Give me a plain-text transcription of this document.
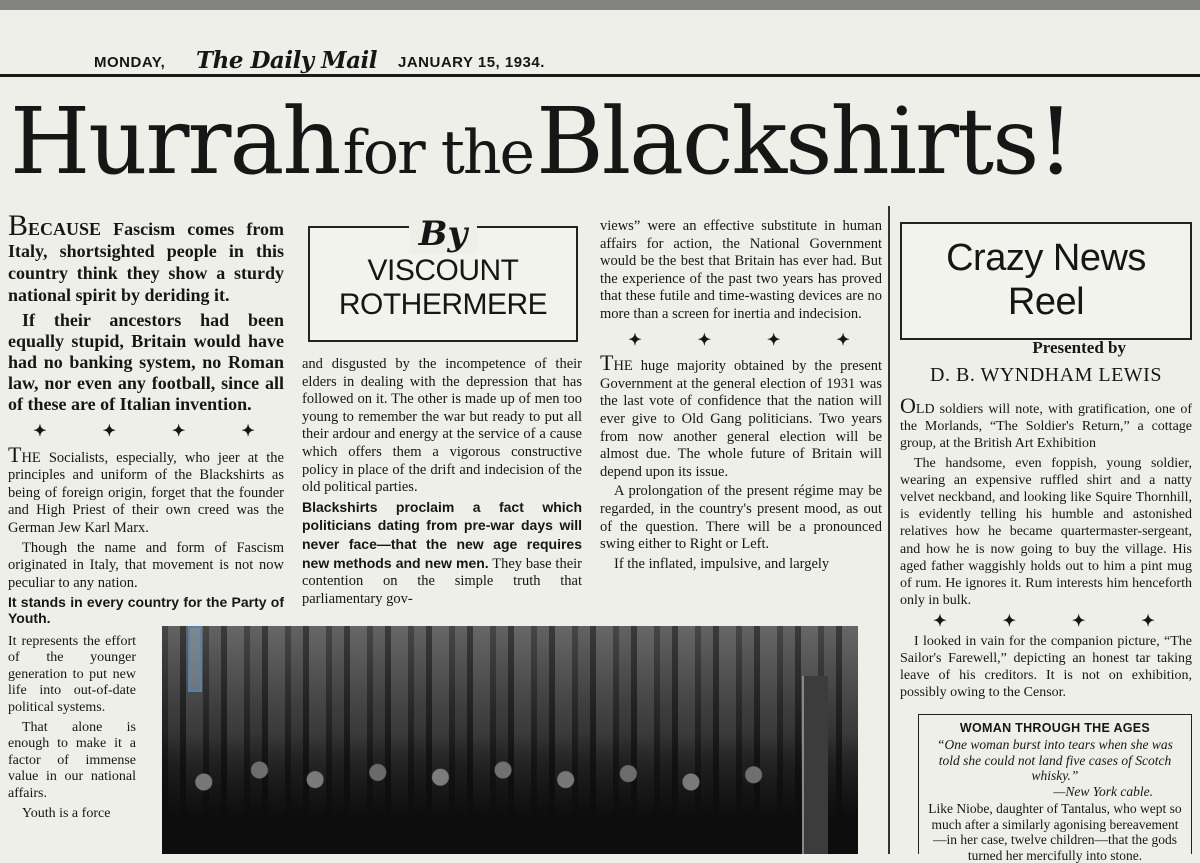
MONDAY, The Daily Mail JANUARY 15, 1934.
Hurrah for the Blackshirts!

BECAUSE Fascism comes from Italy, shortsighted people in this country think they show a sturdy national spirit by deriding it.

If their ancestors had been equally stupid, Britain would have had no banking system, no Roman law, nor even any football, since all of these are of Italian invention.

✦ ✦ ✦ ✦

THE Socialists, especially, who jeer at the principles and uniform of the Blackshirts as being of foreign origin, forget that the founder and High Priest of their own creed was the German Jew Karl Marx.

Though the name and form of Fascism originated in Italy, that movement is not now peculiar to any nation.

It stands in every country for the Party of Youth.

It represents the effort of the younger generation to put new life into out-of-date political systems.

That alone is enough to make it a factor of immense value in our national affairs.

Youth is a force

By
VISCOUNT
ROTHERMERE

and disgusted by the incompetence of their elders in dealing with the depression that has followed on it. The other is made up of men too young to remember the war but ready to put all their ardour and energy at the service of a cause which offers them a vigorous constructive policy in place of the drift and indecision of the old political parties.

Blackshirts proclaim a fact which politicians dating from pre-war days will never face—that the new age requires new methods and new men. They base their contention on the simple truth that parliamentary gov-

views” were an effective substitute in human affairs for action, the National Government would be the best that Britain has ever had. But the experience of the past two years has proved that these futile and time-wasting devices are no more than a screen for inertia and indecision.

✦ ✦ ✦ ✦

THE huge majority obtained by the present Government at the general election of 1931 was the last vote of confidence that the nation will ever give to Old Gang politicians. Two years from now another general election will be almost due. The whole future of Britain will depend upon its issue.

A prolongation of the present régime may be regarded, in the country's present mood, as out of the question. There will be a pronounced swing either to Right or Left.

If the inflated, impulsive, and largely

Crazy News
Reel
Presented by
D. B. WYNDHAM LEWIS

OLD soldiers will note, with gratification, one of the Morlands, “The Soldier's Return,” a cottage group, at the British Art Exhibition

The handsome, even foppish, young soldier, wearing an expensive ruffled shirt and a natty velvet neckband, and looking like Squire Thornhill, is evidently telling his humble and astonished relatives how he became quartermaster-sergeant, and how he is now going to buy the village. His aged father waggishly holds out to him a pint mug of rum. He ignores it. Rum interests him henceforth only in bulk.

✦ ✦ ✦ ✦

I looked in vain for the companion picture, “The Sailor's Farewell,” depicting an honest tar taking leave of his creditors. It is not on exhibition, possibly owing to the Censor.

WOMAN THROUGH THE AGES
“One woman burst into tears when she was told she could not land five cases of Scotch whisky.”
—New York cable.
Like Niobe, daughter of Tantalus, who wept so much after a similarly agonising bereavement—in her case, twelve children—that the gods turned her mercifully into stone.
